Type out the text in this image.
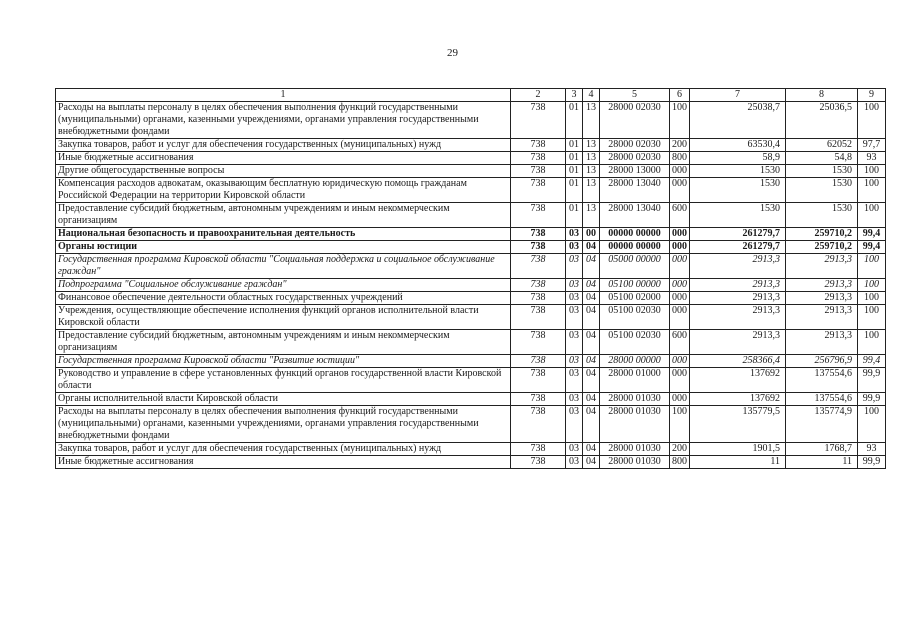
29
1	2	3	4	5	6	7	8	9
Расходы на выплаты персоналу в целях обеспечения выполнения функций государственными (муниципальными) органами, казенными учреждениями, органами управления государственными внебюджетными фондами	738	01	13	28000 02030	100	25038,7	25036,5	100
Закупка товаров, работ и услуг для обеспечения государственных (муниципальных) нужд	738	01	13	28000 02030	200	63530,4	62052	97,7
Иные бюджетные ассигнования	738	01	13	28000 02030	800	58,9	54,8	93
Другие общегосударственные вопросы	738	01	13	28000 13000	000	1530	1530	100
Компенсация расходов адвокатам, оказывающим бесплатную юридическую помощь гражданам Российской Федерации на территории Кировской области	738	01	13	28000 13040	000	1530	1530	100
Предоставление субсидий бюджетным, автономным учреждениям и иным некоммерческим организациям	738	01	13	28000 13040	600	1530	1530	100
Национальная безопасность и правоохранительная деятельность	738	03	00	00000 00000	000	261279,7	259710,2	99,4
Органы юстиции	738	03	04	00000 00000	000	261279,7	259710,2	99,4
Государственная программа Кировской области "Социальная поддержка и социальное обслуживание граждан"	738	03	04	05000 00000	000	2913,3	2913,3	100
Подпрограмма "Социальное обслуживание граждан"	738	03	04	05100 00000	000	2913,3	2913,3	100
Финансовое обеспечение деятельности областных государственных учреждений	738	03	04	05100 02000	000	2913,3	2913,3	100
Учреждения, осуществляющие обеспечение исполнения функций органов исполнительной власти Кировской области	738	03	04	05100 02030	000	2913,3	2913,3	100
Предоставление субсидий бюджетным, автономным учреждениям и иным некоммерческим организациям	738	03	04	05100 02030	600	2913,3	2913,3	100
Государственная программа Кировской области "Развитие юстиции"	738	03	04	28000 00000	000	258366,4	256796,9	99,4
Руководство и управление в сфере установленных функций органов государственной власти Кировской области	738	03	04	28000 01000	000	137692	137554,6	99,9
Органы исполнительной власти Кировской области	738	03	04	28000 01030	000	137692	137554,6	99,9
Расходы на выплаты персоналу в целях обеспечения выполнения функций государственными (муниципальными) органами, казенными учреждениями, органами управления государственными внебюджетными фондами	738	03	04	28000 01030	100	135779,5	135774,9	100
Закупка товаров, работ и услуг для обеспечения государственных (муниципальных) нужд	738	03	04	28000 01030	200	1901,5	1768,7	93
Иные бюджетные ассигнования	738	03	04	28000 01030	800	11	11	99,9
